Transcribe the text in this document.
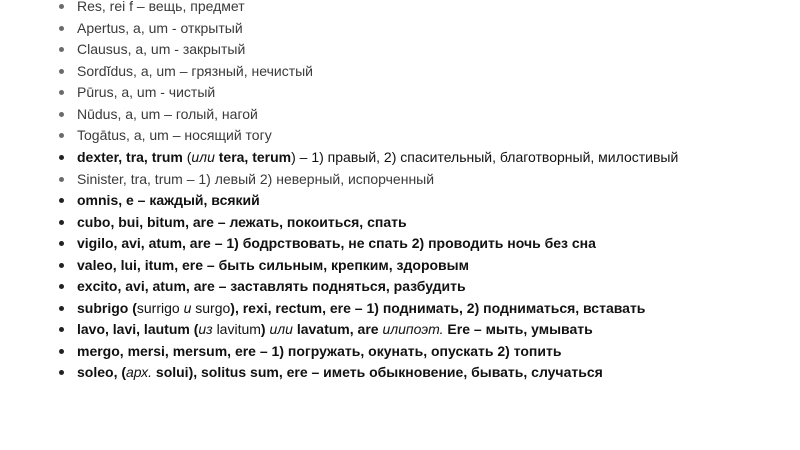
Res, rei f – вещь, предмет
Apertus, a, um - открытый
Clausus, a, um - закрытый
Sordĭdus, a, um – грязный, нечистый
Pūrus, a, um - чистый
Nūdus, a, um – голый, нагой
Togātus, a, um – носящий тогу
dexter, tra, trum (или tera, terum) – 1) правый, 2) спасительный, благотворный, милостивый
Sinister, tra, trum – 1) левый 2) неверный, испорченный
omnis, e – каждый, всякий
cubo, bui, bitum, are – лежать, покоиться, спать
vigilo, avi, atum, are – 1) бодрствовать, не спать 2) проводить ночь без сна
valeo, lui, itum, ere – быть сильным, крепким, здоровым
excito, avi, atum, are – заставлять подняться, разбудить
subrigo (surrigo и surgo), rexi, rectum, ere – 1) поднимать, 2) подниматься, вставать
lavo, lavi, lautum (из lavitum) или lavatum, are илипоэт. Ere – мыть, умывать
mergo, mersi, mersum, ere – 1) погружать, окунать, опускать 2) топить
soleo, (арх. solui), solitus sum, ere – иметь обыкновение, бывать, случаться
